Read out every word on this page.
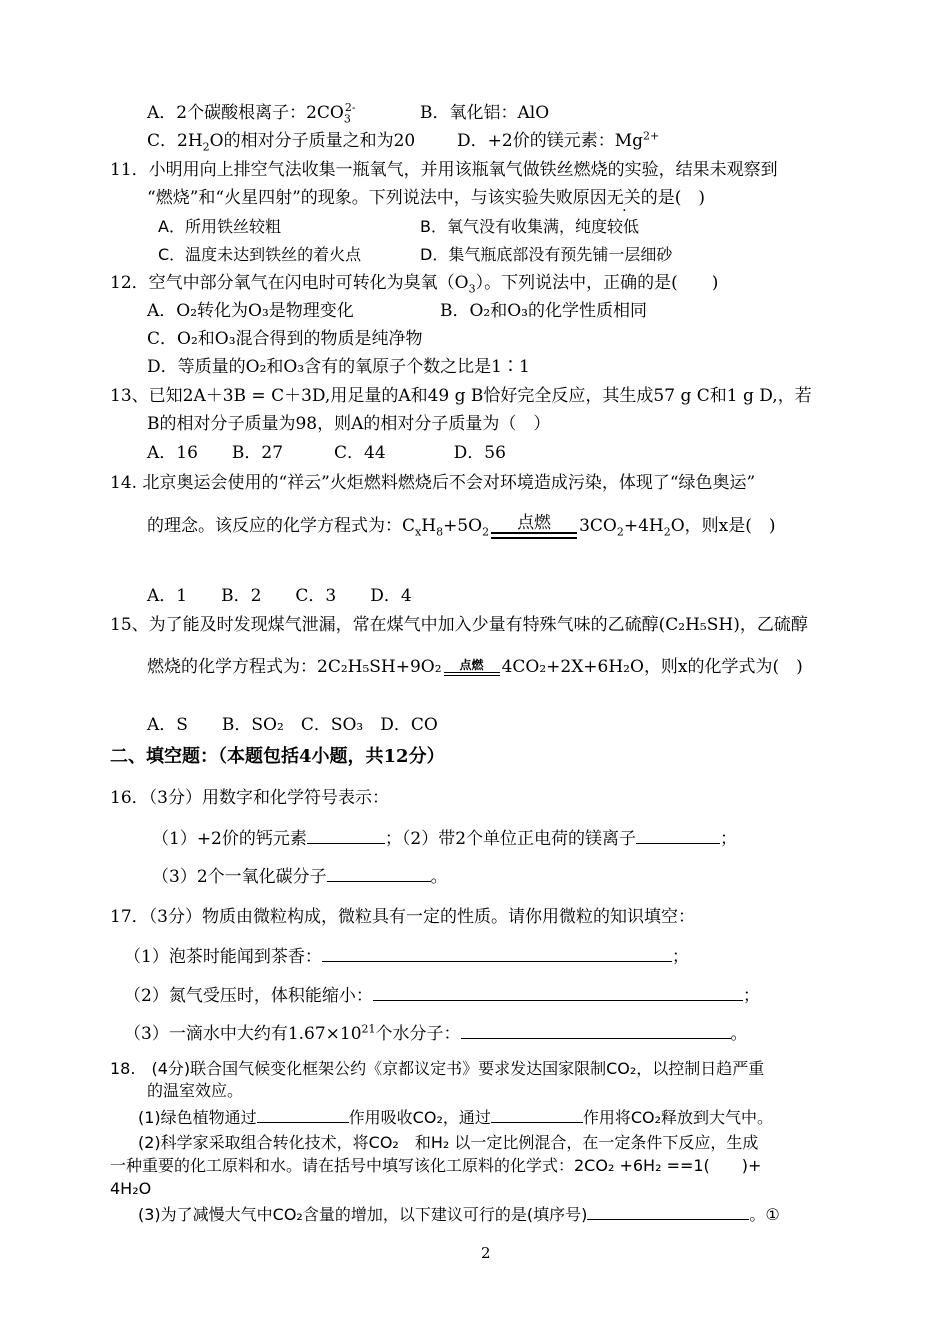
A．2个碳酸根离子：$2CO_3^{2-}$	B．氧化铝：AlO
C．$2H_2O$的相对分子质量之和为20 D．+2价的镁元素：$Mg^{2+}$
11．小明用向上排空气法收集一瓶氧气，并用该瓶氧气做铁丝燃烧的实验，结果未观察到
“燃烧”和“火星四射”的现象。下列说法中，与该实验失败原因无关的是(　)
A．所用铁丝较粗	B．氧气没有收集满，纯度较低
C．温度未达到铁丝的着火点	D．集气瓶底部没有预先铺一层细砂
12．空气中部分氧气在闪电时可转化为臭氧$(O_3)$。下列说法中，正确的是(　　)
A．O₂转化为O₃是物理变化	B．O₂和O₃的化学性质相同
C．O₂和O₃混合得到的物质是纯净物
D．等质量的O₂和O₃含有的氧原子个数之比是1∶1
13、已知2A＋3B = C＋3D,用足量的A和49 g B恰好完全反应，其生成57 g C和1 g D,，若
B的相对分子质量为98，则A的相对分子质量为（　）
A．16　　B．27　　　C．44　　　　D．56
14. 北京奥运会使用的“祥云”火炬燃料燃烧后不会对环境造成污染，体现了“绿色奥运”
的理念。该反应的化学方程式为：$C_xH_8+5O_2$	点燃	$3CO_2+4H_2O$，则x是(　)
A．1　　B．2　　C．3　　D．4
15、为了能及时发现煤气泄漏，常在煤气中加入少量有特殊气味的乙硫醇(C₂H₅SH)，乙硫醇
燃烧的化学方程式为：2C₂H₅SH+9O₂	点燃	4CO₂+2X+6H₂O，则x的化学式为(　)
A．S　　B．SO₂　C．SO₃　D．CO
二、填空题：（本题包括4小题，共12分）
16．（3分）用数字和化学符号表示：
（1）+2价的钙元素	；（2）带2个单位正电荷的镁离子	；
（3）2个一氧化碳分子	。
17．（3分）物质由微粒构成，微粒具有一定的性质。请你用微粒的知识填空：
（1）泡茶时能闻到茶香：	；
（2）氮气受压时，体积能缩小：	；
（3）一滴水中大约有$1.67\times 10^{21}$个水分子：	。
18.　(4分)联合国气候变化框架公约《京都议定书》要求发达国家限制CO₂，以控制日趋严重
的温室效应。
(1)绿色植物通过	作用吸收CO₂，通过	作用将CO₂释放到大气中。
(2)科学家采取组合转化技术，将CO₂　和H₂ 以一定比例混合，在一定条件下反应，生成
一种重要的化工原料和水。请在括号中填写该化工原料的化学式：2CO₂ +6H₂ ==1(　　)+
4H₂O
(3)为了减慢大气中CO₂含量的增加，以下建议可行的是(填序号)	。①
2
